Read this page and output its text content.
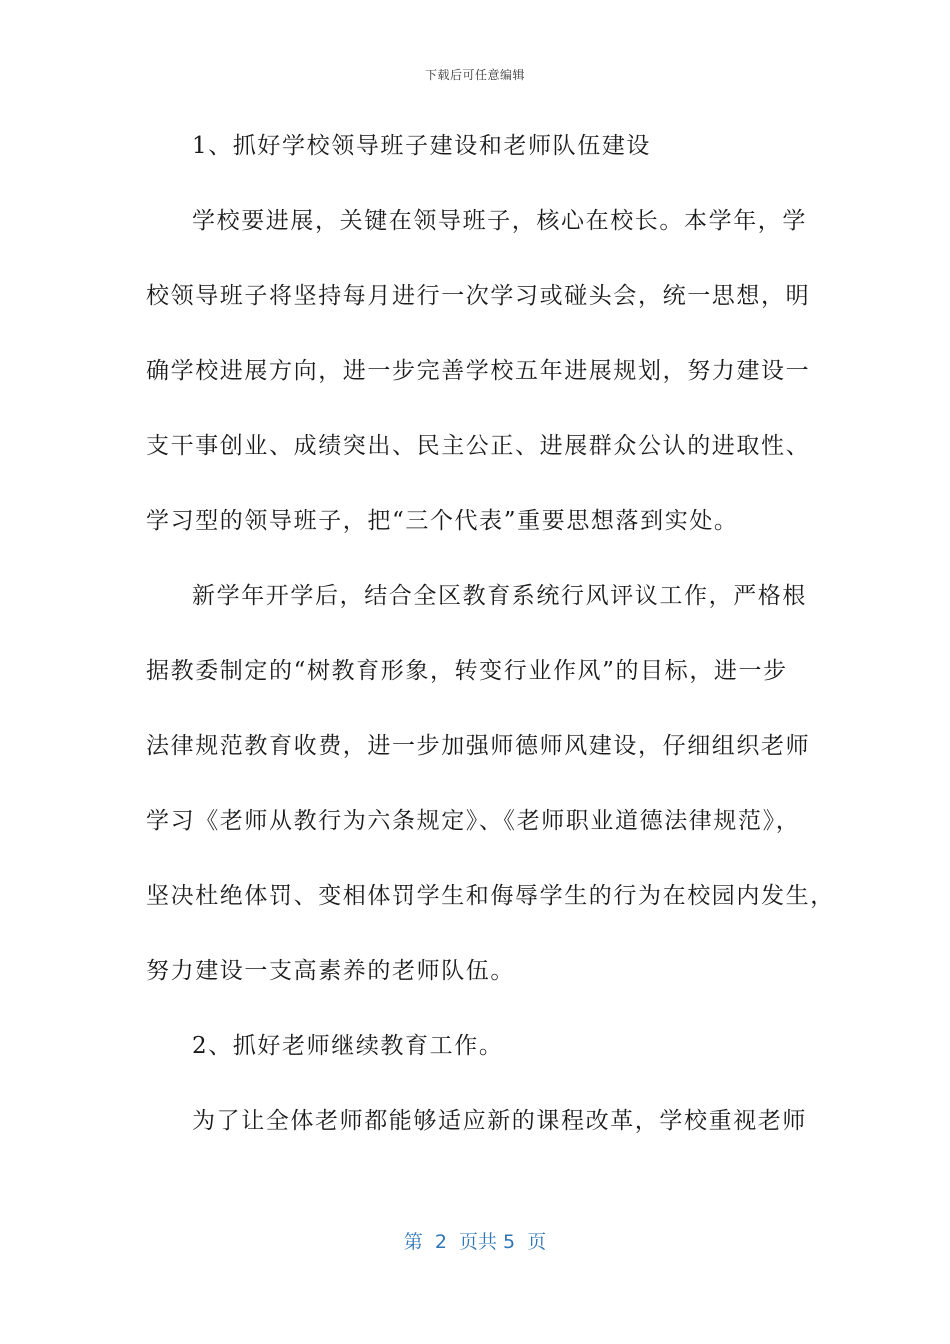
下载后可任意编辑
1、抓好学校领导班子建设和老师队伍建设
学校要进展，关键在领导班子，核心在校长。本学年，学
校领导班子将坚持每月进行一次学习或碰头会，统一思想，明
确学校进展方向，进一步完善学校五年进展规划，努力建设一
支干事创业、成绩突出、民主公正、进展群众公认的进取性、
学习型的领导班子，把“三个代表”重要思想落到实处。
新学年开学后，结合全区教育系统行风评议工作，严格根
据教委制定的“树教育形象，转变行业作风”的目标，进一步
法律规范教育收费，进一步加强师德师风建设，仔细组织老师
学习《老师从教行为六条规定》、《老师职业道德法律规范》，
坚决杜绝体罚、变相体罚学生和侮辱学生的行为在校园内发生，
努力建设一支高素养的老师队伍。
2、抓好老师继续教育工作。
为了让全体老师都能够适应新的课程改革，学校重视老师
第  2  页共 5  页
